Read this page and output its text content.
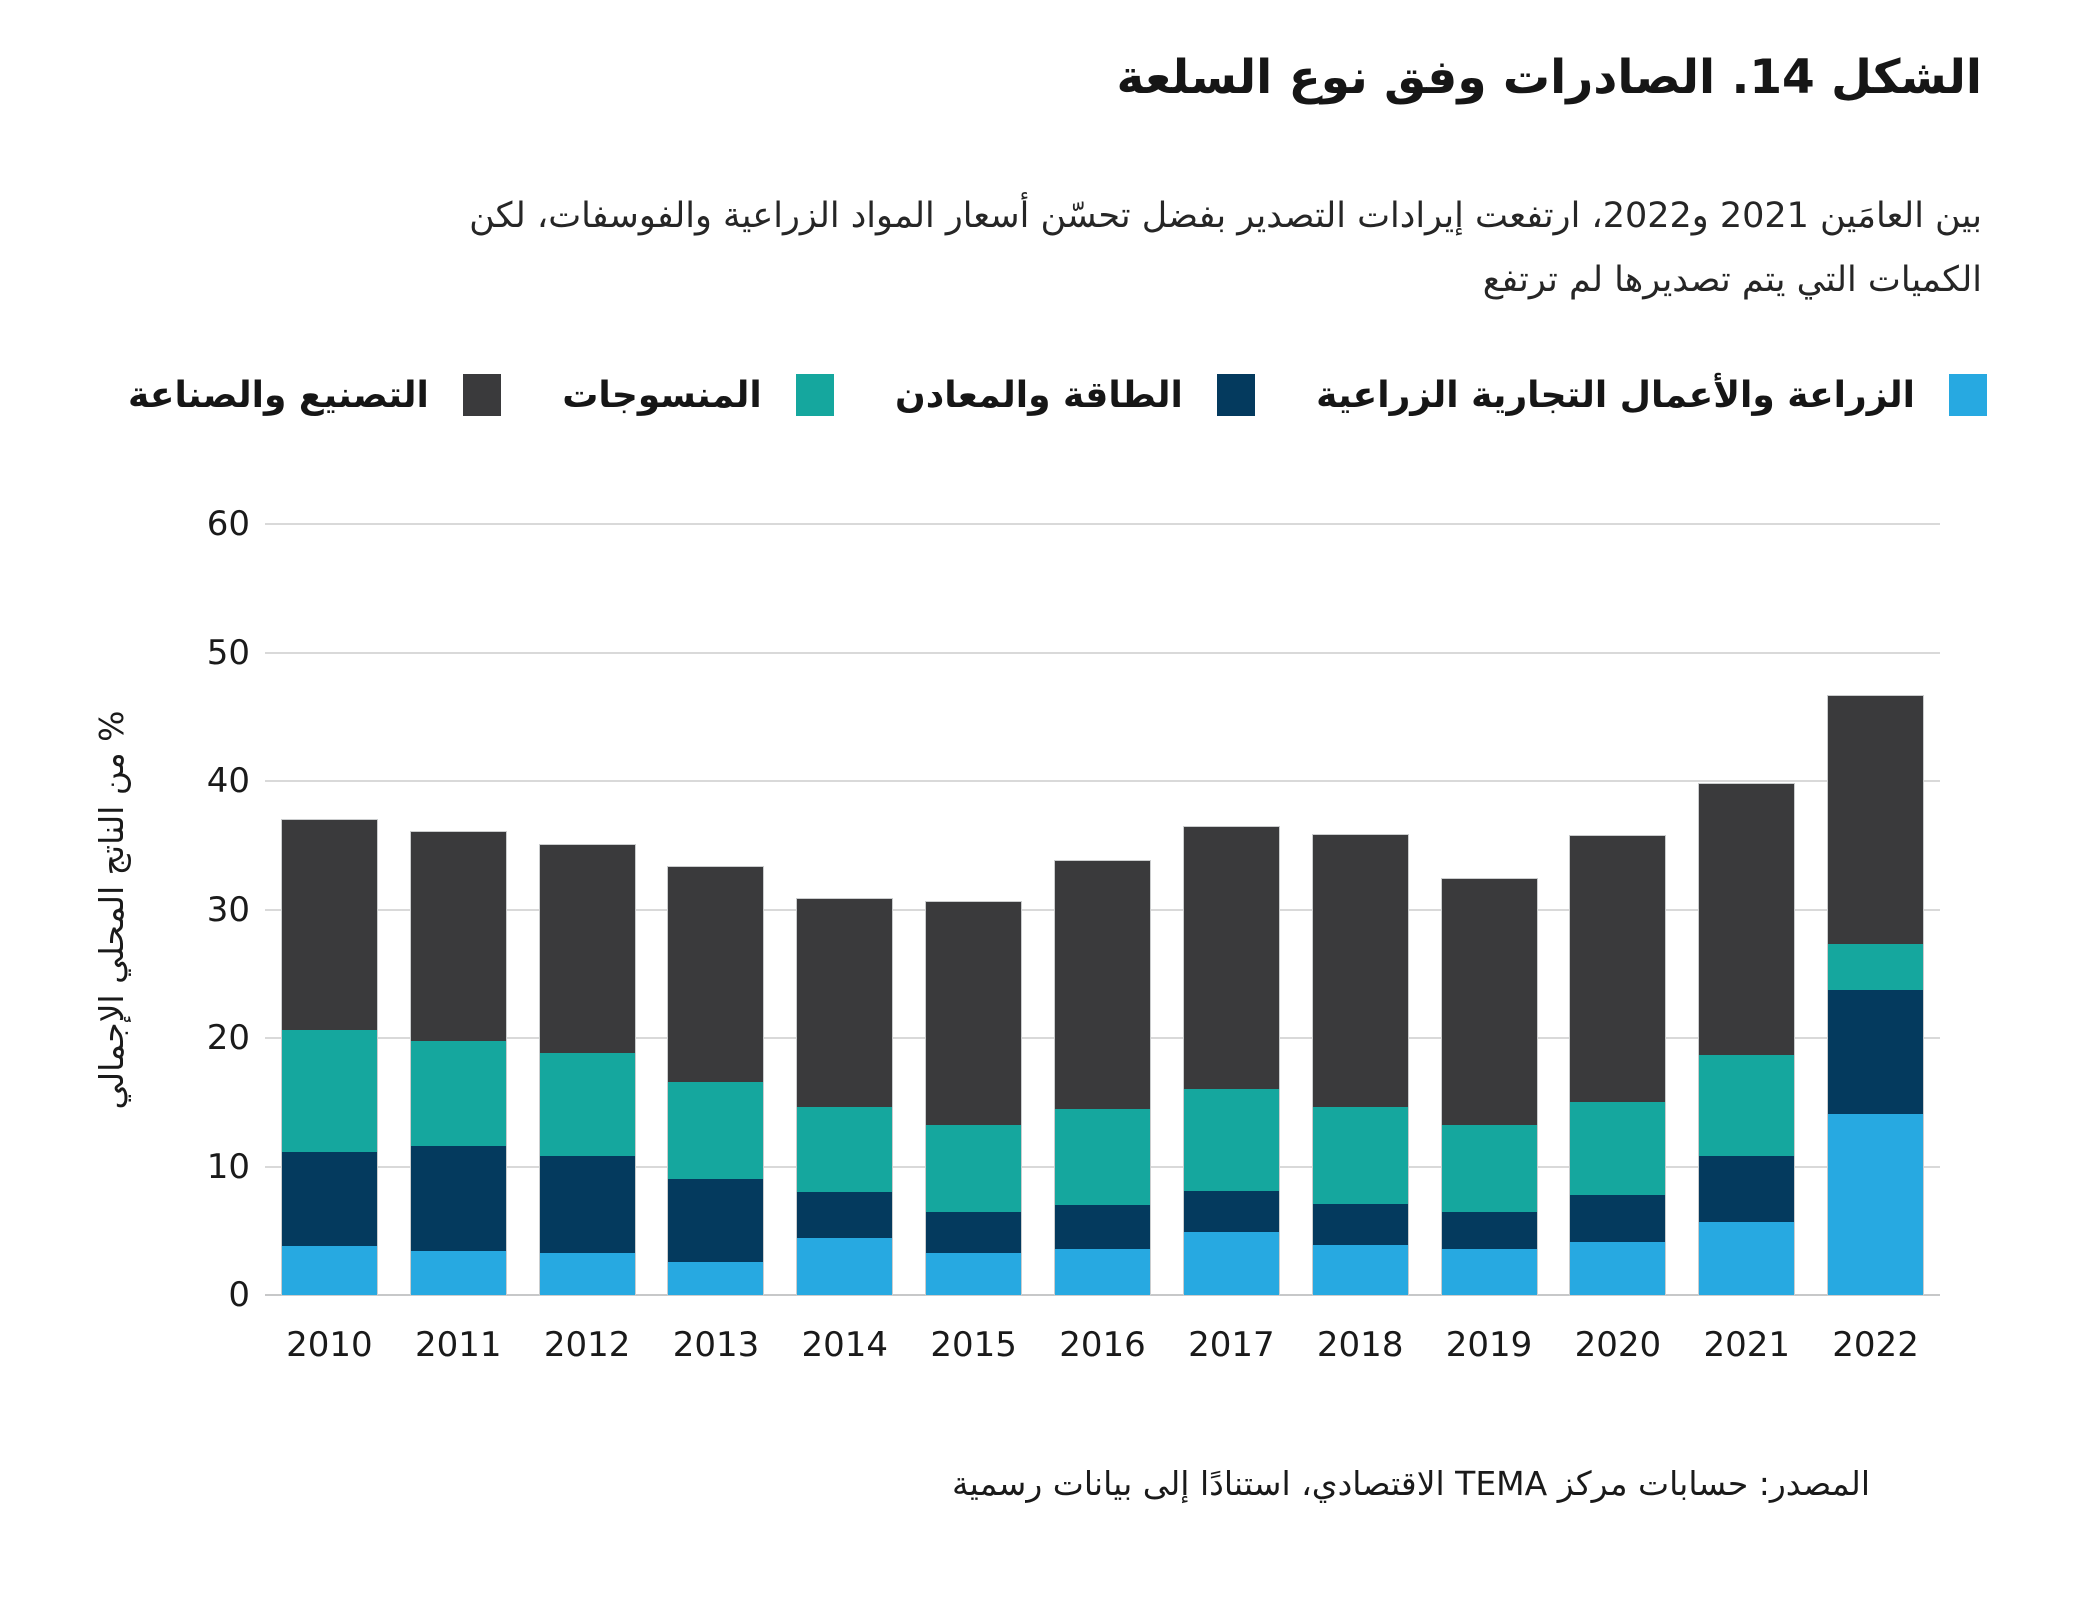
الشكل 14. الصادرات وفق نوع السلعة
بين العامَين 2021 و2022، ارتفعت إيرادات التصدير بفضل تحسّن أسعار المواد الزراعية والفوسفات، لكن
الكميات التي يتم تصديرها لم ترتفع
الزراعة والأعمال التجارية الزراعية
الطاقة والمعادن
المنسوجات
التصنيع والصناعة
% من الناتج المحلي الإجمالي
0
10
20
30
40
50
60
2010	2011	2012	2013	2014	2015	2016	2017	2018	2019	2020	2021	2022
المصدر: حسابات مركز TEMA الاقتصادي، استنادًا إلى بيانات رسمية
